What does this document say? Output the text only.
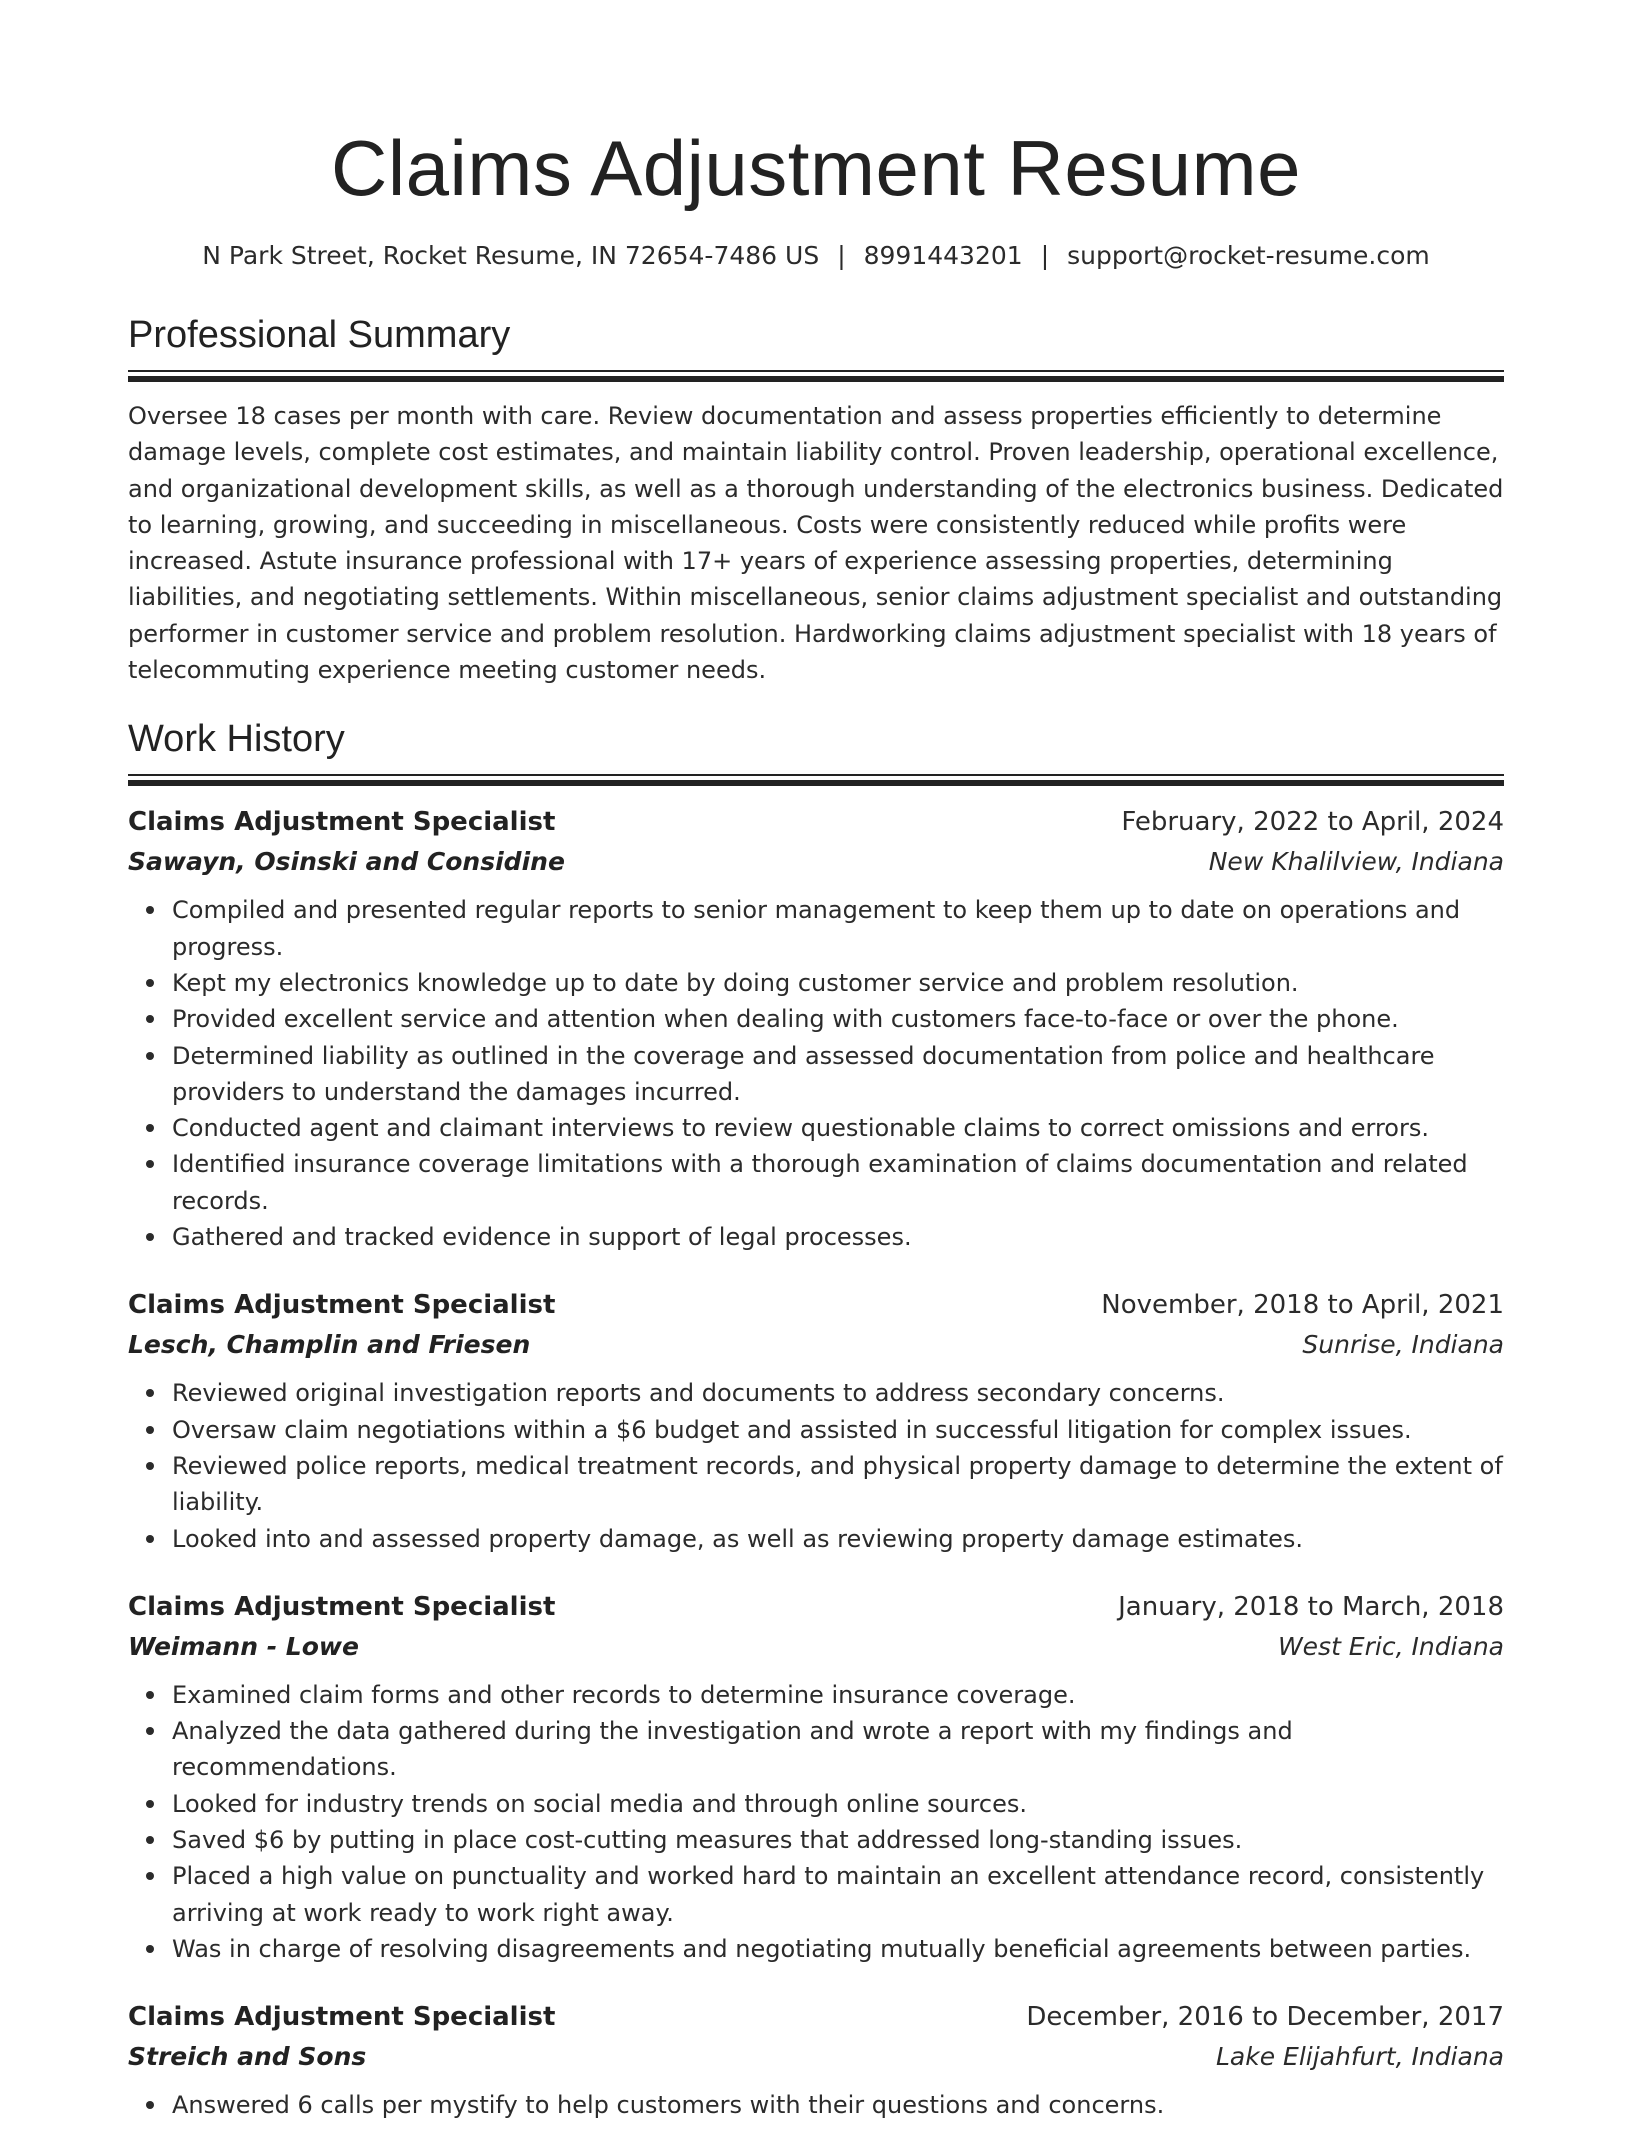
Claims Adjustment Resume
N Park Street, Rocket Resume, IN 72654-7486 US | 8991443201 | support@rocket-resume.com
Professional Summary

Oversee 18 cases per month with care. Review documentation and assess properties efficiently to determine damage levels, complete cost estimates, and maintain liability control. Proven leadership, operational excellence, and organizational development skills, as well as a thorough understanding of the electronics business. Dedicated to learning, growing, and succeeding in miscellaneous. Costs were consistently reduced while profits were increased. Astute insurance professional with 17+ years of experience assessing properties, determining liabilities, and negotiating settlements. Within miscellaneous, senior claims adjustment specialist and outstanding performer in customer service and problem resolution. Hardworking claims adjustment specialist with 18 years of telecommuting experience meeting customer needs.

Work History
Claims Adjustment Specialist	February, 2022 to April, 2024
Sawayn, Osinski and Considine	New Khalilview, Indiana
Compiled and presented regular reports to senior management to keep them up to date on operations and progress.
Kept my electronics knowledge up to date by doing customer service and problem resolution.
Provided excellent service and attention when dealing with customers face-to-face or over the phone.
Determined liability as outlined in the coverage and assessed documentation from police and healthcare providers to understand the damages incurred.
Conducted agent and claimant interviews to review questionable claims to correct omissions and errors.
Identified insurance coverage limitations with a thorough examination of claims documentation and related records.
Gathered and tracked evidence in support of legal processes.
Claims Adjustment Specialist	November, 2018 to April, 2021
Lesch, Champlin and Friesen	Sunrise, Indiana
Reviewed original investigation reports and documents to address secondary concerns.
Oversaw claim negotiations within a $6 budget and assisted in successful litigation for complex issues.
Reviewed police reports, medical treatment records, and physical property damage to determine the extent of liability.
Looked into and assessed property damage, as well as reviewing property damage estimates.
Claims Adjustment Specialist	January, 2018 to March, 2018
Weimann - Lowe	West Eric, Indiana
Examined claim forms and other records to determine insurance coverage.
Analyzed the data gathered during the investigation and wrote a report with my findings and recommendations.
Looked for industry trends on social media and through online sources.
Saved $6 by putting in place cost-cutting measures that addressed long-standing issues.
Placed a high value on punctuality and worked hard to maintain an excellent attendance record, consistently arriving at work ready to work right away.
Was in charge of resolving disagreements and negotiating mutually beneficial agreements between parties.
Claims Adjustment Specialist	December, 2016 to December, 2017
Streich and Sons	Lake Elijahfurt, Indiana
Answered 6 calls per mystify to help customers with their questions and concerns.
